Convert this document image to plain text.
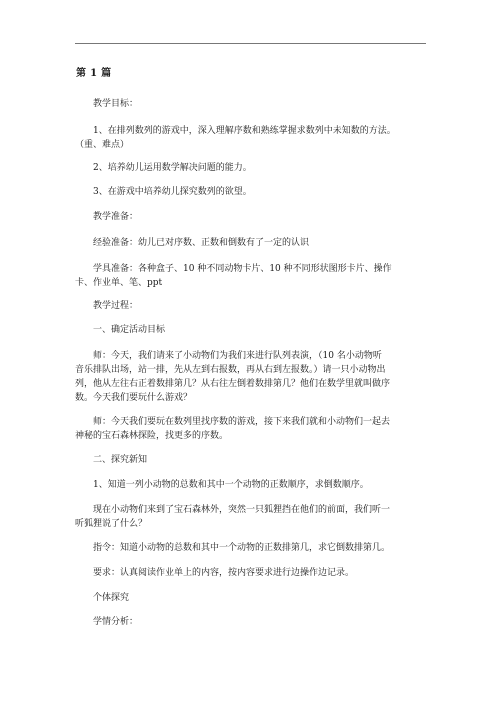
第 1 篇
教学目标：
1、在排列数列的游戏中，深入理解序数和熟练掌握求数列中未知数的方法。
（重、难点）
2、培养幼儿运用数学解决问题的能力。
3、在游戏中培养幼儿探究数列的欲望。
教学准备：
经验准备：幼儿已对序数、正数和倒数有了一定的认识
学具准备：各种盒子、10 种不同动物卡片、10 种不同形状图形卡片、操作
卡、作业单、笔、ppt
教学过程：
一、确定活动目标
师：今天，我们请来了小动物们为我们来进行队列表演，（10 名小动物听
音乐排队出场，站一排，先从左到右报数，再从右到左报数。）请一只小动物出
列，他从左往右正着数排第几？从右往左倒着数排第几？他们在数学里就叫做序
数。今天我们要玩什么游戏？
师：今天我们要玩在数列里找序数的游戏，接下来我们就和小动物们一起去
神秘的宝石森林探险，找更多的序数。
二、探究新知
1、知道一列小动物的总数和其中一个动物的正数顺序，求倒数顺序。
现在小动物们来到了宝石森林外，突然一只狐狸挡在他们的前面，我们听一
听狐狸说了什么？
指令：知道小动物的总数和其中一个动物的正数排第几，求它倒数排第几。
要求：认真阅读作业单上的内容，按内容要求进行边操作边记录。
个体探究
学情分析：
